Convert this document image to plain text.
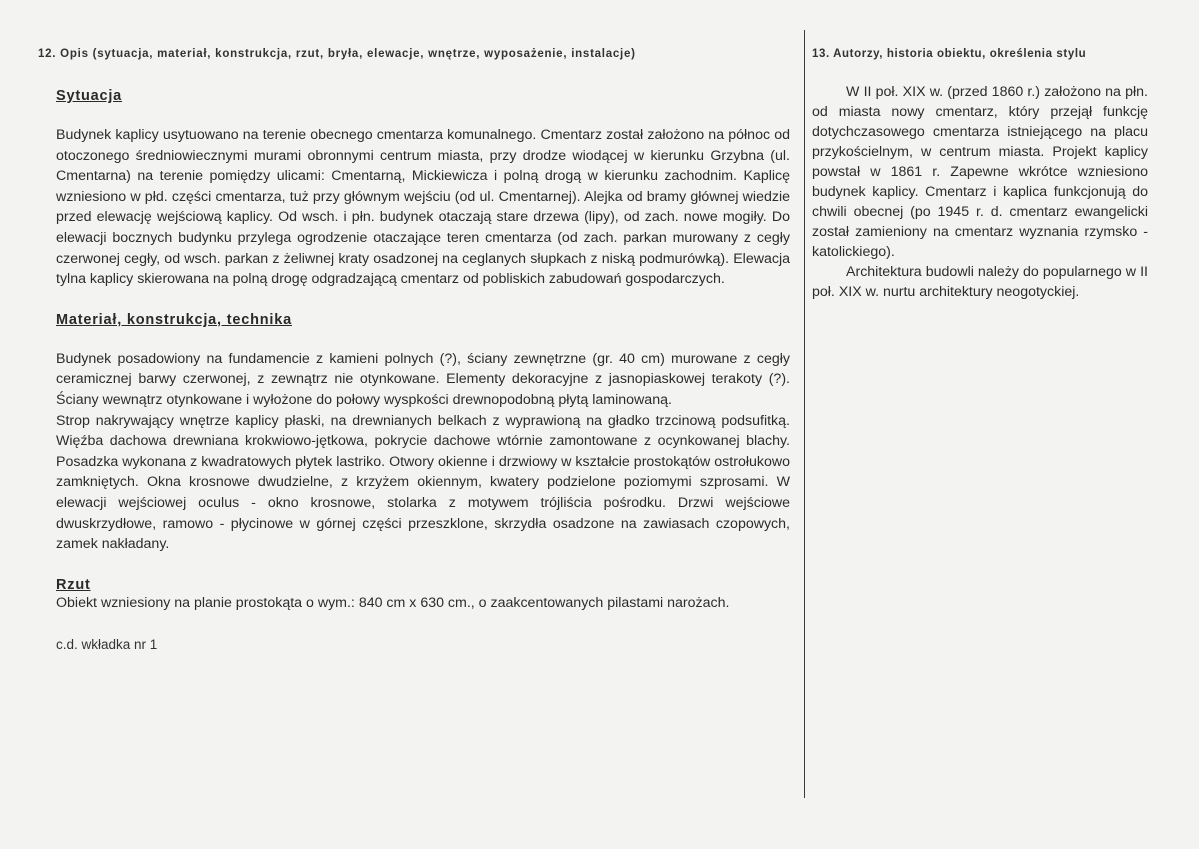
12. Opis (sytuacja, materiał, konstrukcja, rzut, bryła, elewacje, wnętrze, wyposażenie, instalacje)

Sytuacja

Budynek kaplicy usytuowano na terenie obecnego cmentarza komunalnego. Cmentarz został założono na północ od otoczonego średniowiecznymi murami obronnymi centrum miasta, przy drodze wiodącej w kierunku Grzybna (ul. Cmentarna) na terenie pomiędzy ulicami: Cmentarną, Mickiewicza i polną drogą w kierunku zachodnim. Kaplicę wzniesiono w płd. części cmentarza, tuż przy głównym wejściu (od ul. Cmentarnej). Alejka od bramy głównej wiedzie przed elewację wejściową kaplicy. Od wsch. i płn. budynek otaczają stare drzewa (lipy), od zach. nowe mogiły. Do elewacji bocznych budynku przylega ogrodzenie otaczające teren cmentarza (od zach. parkan murowany z cegły czerwonej cegły, od wsch. parkan z żeliwnej kraty osadzonej na ceglanych słupkach z niską podmurówką). Elewacja tylna kaplicy skierowana na polną drogę odgradzającą cmentarz od pobliskich zabudowań gospodarczych.

Materiał, konstrukcja, technika

Budynek posadowiony na fundamencie z kamieni polnych (?), ściany zewnętrzne (gr. 40 cm) murowane z cegły ceramicznej barwy czerwonej, z zewnątrz nie otynkowane. Elementy dekoracyjne z jasnopiaskowej terakoty (?). Ściany wewnątrz otynkowane i wyłożone do połowy wyspkości drewnopodobną płytą laminowaną.

Strop nakrywający wnętrze kaplicy płaski, na drewnianych belkach z wyprawioną na gładko trzcinową podsufitką. Więźba dachowa drewniana krokwiowo-jętkowa, pokrycie dachowe wtórnie zamontowane z ocynkowanej blachy. Posadzka wykonana z kwadratowych płytek lastriko. Otwory okienne i drzwiowy w kształcie prostokątów ostrołukowo zamkniętych. Okna krosnowe dwudzielne, z krzyżem okiennym, kwatery podzielone poziomymi szprosami. W elewacji wejściowej oculus - okno krosnowe, stolarka z motywem trójliścia pośrodku. Drzwi wejściowe dwuskrzydłowe, ramowo - płycinowe w górnej części przeszklone, skrzydła osadzone na zawiasach czopowych, zamek nakładany.

Rzut

Obiekt wzniesiony na planie prostokąta o wym.: 840 cm x 630 cm., o zaakcentowanych pilastami narożach.

c.d. wkładka nr 1

13. Autorzy, historia obiektu, określenia stylu

W II poł. XIX w. (przed 1860 r.) założono na płn. od miasta nowy cmentarz, który przejął funkcję dotychczasowego cmentarza istniejącego na placu przykościelnym, w centrum miasta. Projekt kaplicy powstał w 1861 r. Zapewne wkrótce wzniesiono budynek kaplicy. Cmentarz i kaplica funkcjonują do chwili obecnej (po 1945 r. d. cmentarz ewangelicki został zamieniony na cmentarz wyznania rzymsko - katolickiego).

Architektura budowli należy do popularnego w II poł. XIX w. nurtu architektury neogotyckiej.
